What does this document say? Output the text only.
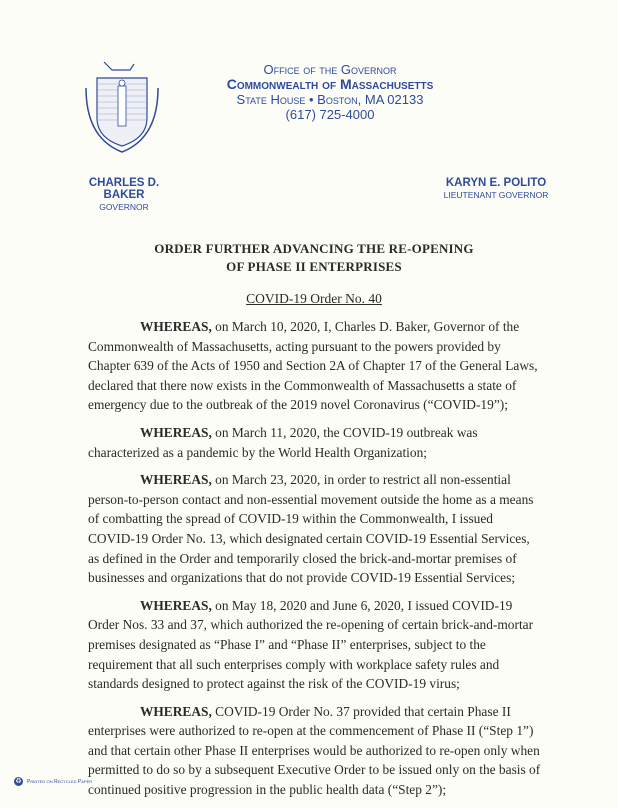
Office of the Governor
Commonwealth of Massachusetts
State House • Boston, MA 02133
(617) 725-4000
CHARLES D. BAKER
GOVERNOR
KARYN E. POLITO
LIEUTENANT GOVERNOR
ORDER FURTHER ADVANCING THE RE-OPENING
OF PHASE II ENTERPRISES
COVID-19 Order No. 40

WHEREAS, on March 10, 2020, I, Charles D. Baker, Governor of the Commonwealth of Massachusetts, acting pursuant to the powers provided by Chapter 639 of the Acts of 1950 and Section 2A of Chapter 17 of the General Laws, declared that there now exists in the Commonwealth of Massachusetts a state of emergency due to the outbreak of the 2019 novel Coronavirus (“COVID-19”);

WHEREAS, on March 11, 2020, the COVID-19 outbreak was characterized as a pandemic by the World Health Organization;

WHEREAS, on March 23, 2020, in order to restrict all non-essential person-to-person contact and non-essential movement outside the home as a means of combatting the spread of COVID-19 within the Commonwealth, I issued COVID-19 Order No. 13, which designated certain COVID-19 Essential Services, as defined in the Order and temporarily closed the brick-and-mortar premises of businesses and organizations that do not provide COVID-19 Essential Services;

WHEREAS, on May 18, 2020 and June 6, 2020, I issued COVID-19 Order Nos. 33 and 37, which authorized the re-opening of certain brick-and-mortar premises designated as “Phase I” and “Phase II” enterprises, subject to the requirement that all such enterprises comply with workplace safety rules and standards designed to protect against the risk of the COVID-19 virus;

WHEREAS, COVID-19 Order No. 37 provided that certain Phase II enterprises were authorized to re-open at the commencement of Phase II (“Step 1”) and that certain other Phase II enterprises would be authorized to re-open only when permitted to do so by a subsequent Executive Order to be issued only on the basis of continued positive progression in the public health data (“Step 2”);

♻ Printed on Recycled Paper
